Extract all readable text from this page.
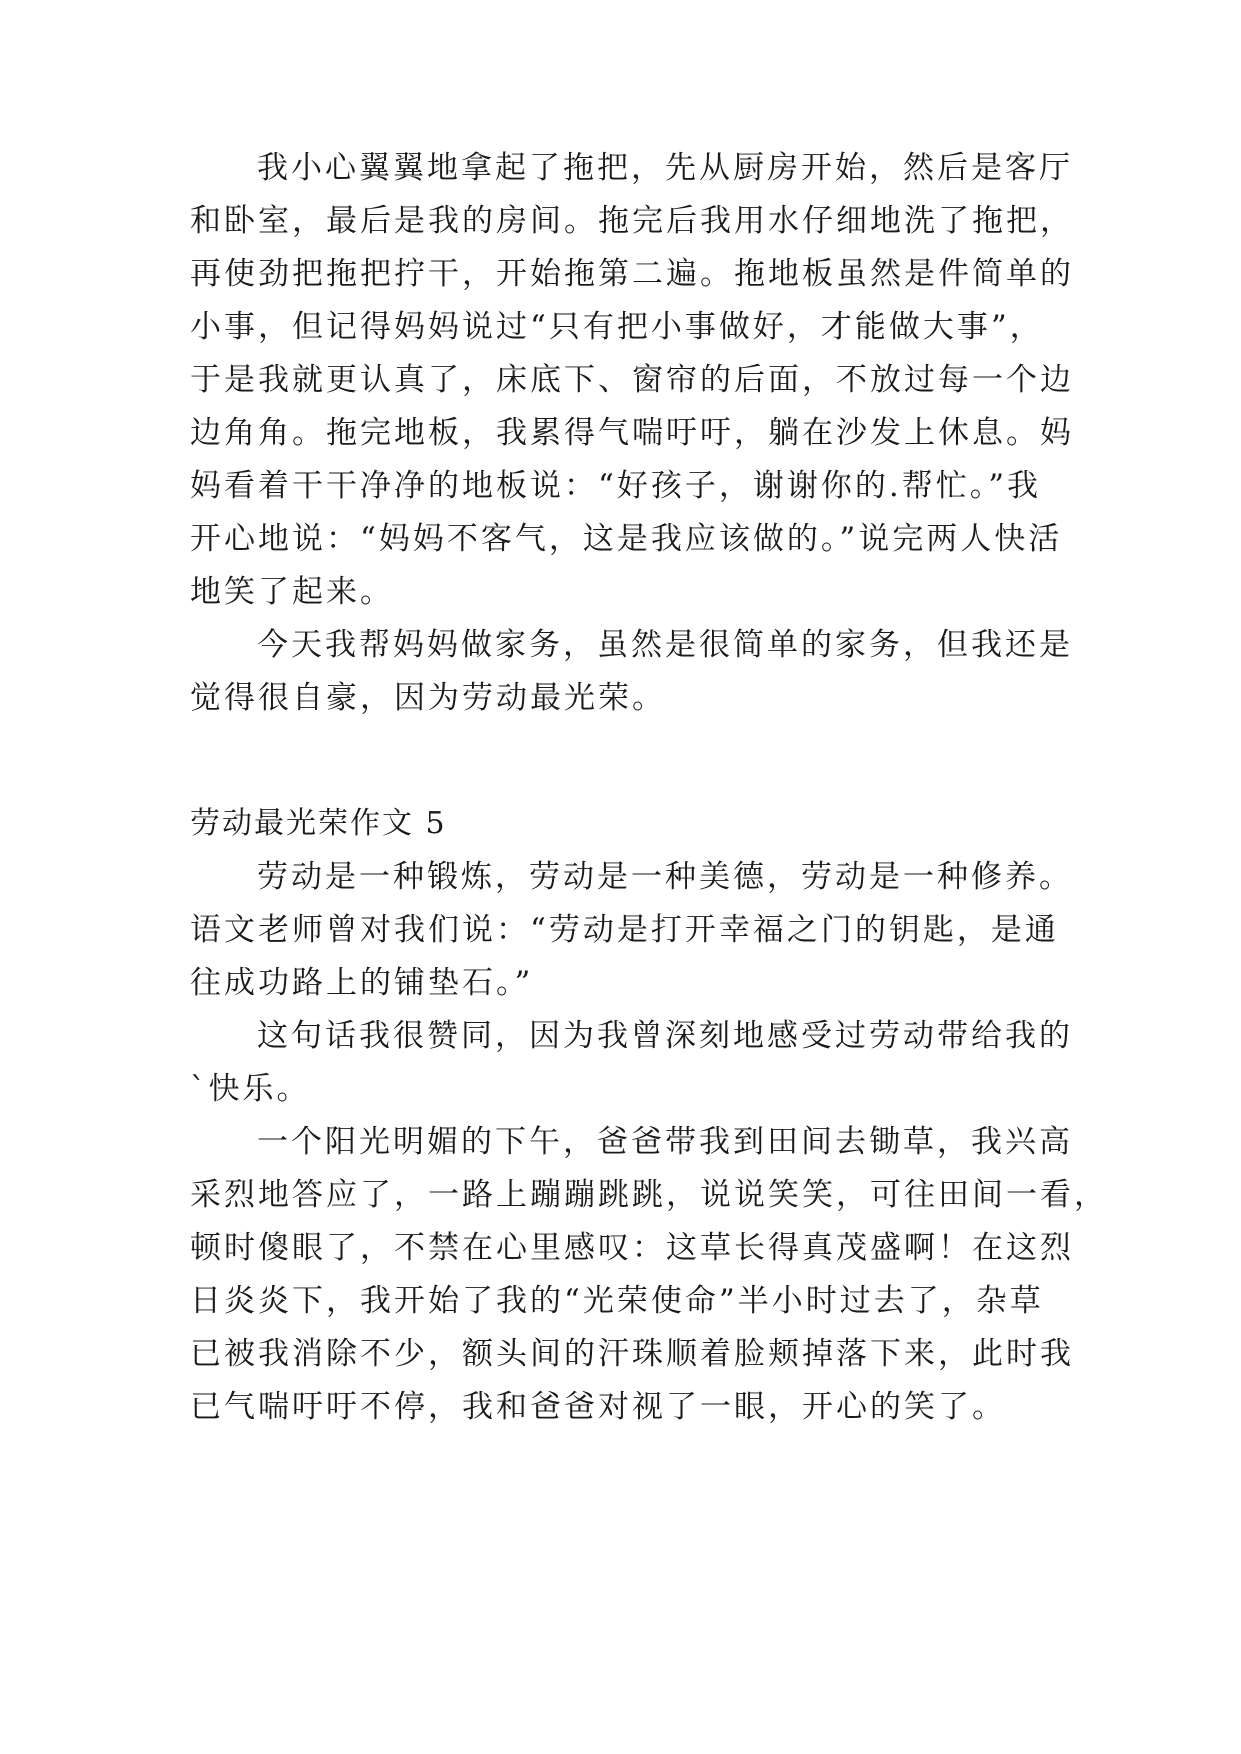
我小心翼翼地拿起了拖把，先从厨房开始，然后是客厅
和卧室，最后是我的房间。拖完后我用水仔细地洗了拖把，
再使劲把拖把拧干，开始拖第二遍。拖地板虽然是件简单的
小事，但记得妈妈说过“只有把小事做好，才能做大事”，
于是我就更认真了，床底下、窗帘的后面，不放过每一个边
边角角。拖完地板，我累得气喘吁吁，躺在沙发上休息。妈
妈看着干干净净的地板说：“好孩子，谢谢你的.帮忙。”我
开心地说：“妈妈不客气，这是我应该做的。”说完两人快活
地笑了起来。
今天我帮妈妈做家务，虽然是很简单的家务，但我还是
觉得很自豪，因为劳动最光荣。
劳动最光荣作文 5
劳动是一种锻炼，劳动是一种美德，劳动是一种修养。
语文老师曾对我们说：“劳动是打开幸福之门的钥匙，是通
往成功路上的铺垫石。”
这句话我很赞同，因为我曾深刻地感受过劳动带给我的
`快乐。
一个阳光明媚的下午，爸爸带我到田间去锄草，我兴高
采烈地答应了，一路上蹦蹦跳跳，说说笑笑，可往田间一看，
顿时傻眼了，不禁在心里感叹：这草长得真茂盛啊！在这烈
日炎炎下，我开始了我的“光荣使命”半小时过去了，杂草
已被我消除不少，额头间的汗珠顺着脸颊掉落下来，此时我
已气喘吁吁不停，我和爸爸对视了一眼，开心的笑了。
